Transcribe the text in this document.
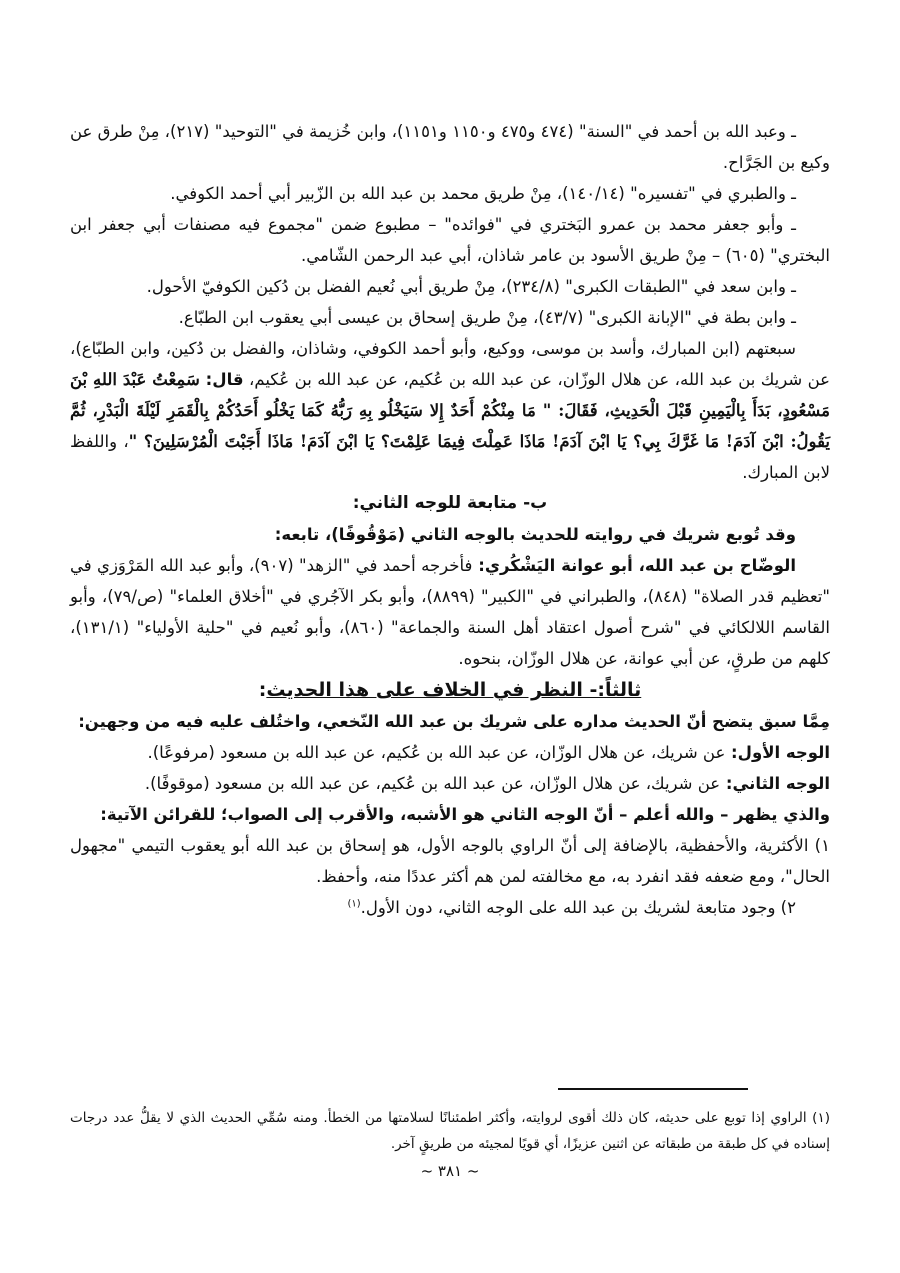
ـ وعبد الله بن أحمد في "السنة" (٤٧٤ و٤٧٥ و١١٥٠ و١١٥١)، وابن خُزيمة في "التوحيد" (٢١٧)، مِنْ طرق عن وكيع بن الجَرَّاح.

ـ والطبري في "تفسيره" (١٤٠/١٤)، مِنْ طريق محمد بن عبد الله بن الزّبير أبي أحمد الكوفي.

ـ وأبو جعفر محمد بن عمرو البَختري في "فوائده" – مطبوع ضمن "مجموع فيه مصنفات أبي جعفر ابن البختري" (٦٠٥) – مِنْ طريق الأسود بن عامر شاذان، أبي عبد الرحمن الشّامي.

ـ وابن سعد في "الطبقات الكبرى" (٢٣٤/٨)، مِنْ طريق أبي نُعيم الفضل بن دُكين الكوفيّ الأحول.

ـ وابن بطة في "الإبانة الكبرى" (٤٣/٧)، مِنْ طريق إسحاق بن عيسى أبي يعقوب ابن الطبّاع.

سبعتهم (ابن المبارك، وأسد بن موسى، ووكيع، وأبو أحمد الكوفي، وشاذان، والفضل بن دُكين، وابن الطبّاع)، عن شريك بن عبد الله، عن هلال الوزّان، عن عبد الله بن عُكيم، عن عبد الله بن عُكيم، قال: سَمِعْتُ عَبْدَ اللهِ بْنَ مَسْعُودٍ، بَدَأَ بِالْيَمِينِ قَبْلَ الْحَدِيثِ، فَقَالَ: " مَا مِنْكُمْ أَحَدٌ إِلا سَيَخْلُو بِهِ رَبُّهُ كَمَا يَخْلُو أَحَدُكُمْ بِالْقَمَرِ لَيْلَةَ الْبَدْرِ، ثُمَّ يَقُولُ: ابْنَ آدَمَ! مَا غَرَّكَ بِي؟ يَا ابْنَ آدَمَ! مَاذَا عَمِلْتَ فِيمَا عَلِمْتَ؟ يَا ابْنَ آدَمَ! مَاذَا أَجَبْتَ الْمُرْسَلِينَ؟ "، واللفظ لابن المبارك.

ب- متابعة للوجه الثاني:

وقد تُوبع شريك في روايته للحديث بالوجه الثاني (مَوْقُوفًا)، تابعه:

الوضّاح بن عبد الله، أبو عوانة اليَشْكُري: فأخرجه أحمد في "الزهد" (٩٠٧)، وأبو عبد الله المَرْوَزي في "تعظيم قدر الصلاة" (٨٤٨)، والطبراني في "الكبير" (٨٨٩٩)، وأبو بكر الآجُري في "أخلاق العلماء" (ص/٧٩)، وأبو القاسم اللالكائي في "شرح أصول اعتقاد أهل السنة والجماعة" (٨٦٠)، وأبو نُعيم في "حلية الأولياء" (١٣١/١)، كلهم من طرقٍ، عن أبي عوانة، عن هلال الوزّان، بنحوه.

ثالثاً:- النظر في الخلاف على هذا الحديث:

مِمَّا سبق يتضح أنّ الحديث مداره على شريك بن عبد الله النّخعي، واختُلف عليه فيه من وجهين:

الوجه الأول: عن شريك، عن هلال الوزّان، عن عبد الله بن عُكيم، عن عبد الله بن مسعود (مرفوعًا).

الوجه الثاني: عن شريك، عن هلال الوزّان، عن عبد الله بن عُكيم، عن عبد الله بن مسعود (موقوفًا).

والذي يظهر – والله أعلم – أنّ الوجه الثاني هو الأشبه، والأقرب إلى الصواب؛ للقرائن الآتية:

١) الأكثرية، والأحفظية، بالإضافة إلى أنّ الراوي بالوجه الأول، هو إسحاق بن عبد الله أبو يعقوب التيمي "مجهول الحال"، ومع ضعفه فقد انفرد به، مع مخالفته لمن هم أكثر عددًا منه، وأحفظ.

٢) وجود متابعة لشريك بن عبد الله على الوجه الثاني، دون الأول.$^{(١)}$

(١) الراوي إذا توبع على حديثه، كان ذلك أقوى لروايته، وأكثر اطمئنانًا لسلامتها من الخطأ. ومنه سُمِّي الحديث الذي لا يقلُّ عدد درجات إسناده في كل طبقة من طبقاته عن اثنين عزيزًا، أي قويًا لمجيئه من طريقٍ آخر.

~ ٣٨١ ~
